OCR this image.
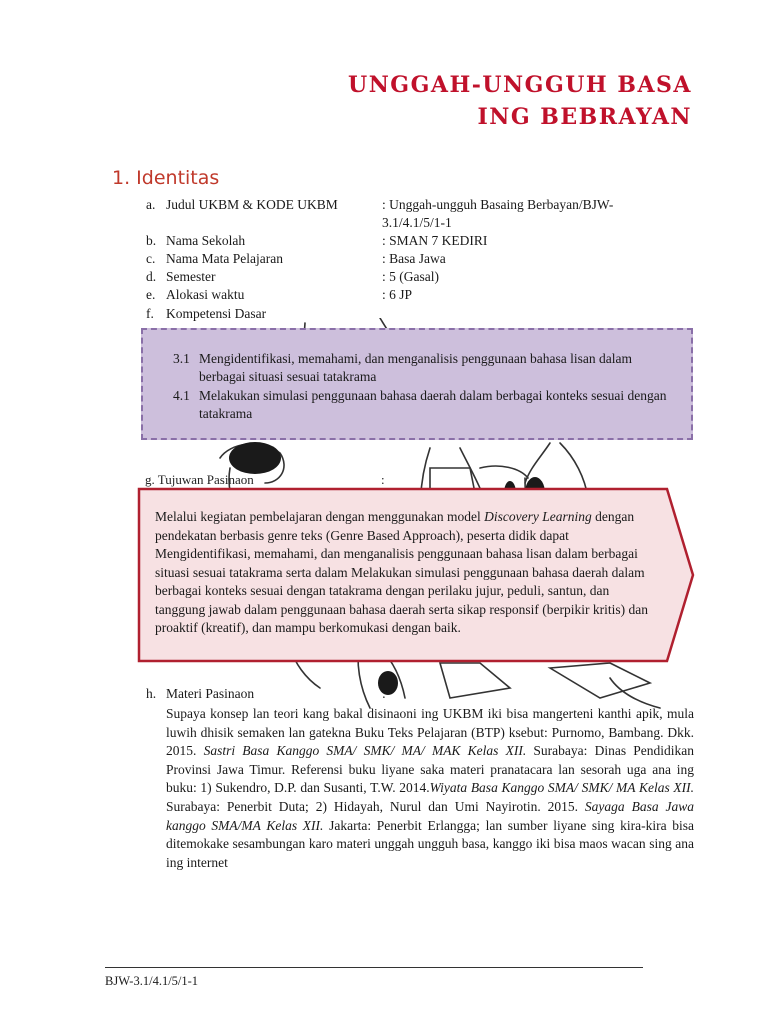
UNGGAH-UNGGUH BASA
ING BEBRAYAN
1. Identitas
a. Judul UKBM & KODE UKBM	: Unggah-ungguh Basaing Berbayan/BJW-3.1/4.1/5/1-1
b. Nama Sekolah	: SMAN 7 KEDIRI
c. Nama Mata Pelajaran	: Basa Jawa
d. Semester	: 5 (Gasal)
e. Alokasi waktu	: 6 JP
f. Kompetensi Dasar
3.1 Mengidentifikasi, memahami, dan menganalisis penggunaan bahasa lisan dalam berbagai situasi sesuai tatakrama
4.1 Melakukan simulasi penggunaan bahasa daerah dalam berbagai konteks sesuai dengan tatakrama
g. Tujuwan Pasinaon	:
Melalui kegiatan pembelajaran dengan menggunakan model Discovery Learning dengan pendekatan berbasis genre teks (Genre Based Approach), peserta didik dapat Mengidentifikasi, memahami, dan menganalisis penggunaan bahasa lisan dalam berbagai situasi sesuai tatakrama serta dalam Melakukan simulasi penggunaan bahasa daerah dalam berbagai konteks sesuai dengan tatakrama dengan perilaku jujur, peduli, santun, dan tanggung jawab dalam penggunaan bahasa daerah serta sikap responsif (berpikir kritis) dan proaktif (kreatif), dan mampu berkomukasi dengan baik.
h. Materi Pasinaon	:
Supaya konsep lan teori kang bakal disinaoni ing UKBM iki bisa mangerteni kanthi apik, mula luwih dhisik semaken lan gatekna Buku Teks Pelajaran (BTP) ksebut: Purnomo, Bambang. Dkk. 2015. Sastri Basa Kanggo SMA/ SMK/ MA/ MAK Kelas XII. Surabaya: Dinas Pendidikan Provinsi Jawa Timur. Referensi buku liyane saka materi pranatacara lan sesorah uga ana ing buku: 1) Sukendro, D.P. dan Susanti, T.W. 2014.Wiyata Basa Kanggo SMA/ SMK/ MA Kelas XII. Surabaya: Penerbit Duta; 2) Hidayah, Nurul dan Umi Nayirotin. 2015. Sayaga Basa Jawa kanggo SMA/MA Kelas XII. Jakarta: Penerbit Erlangga; lan sumber liyane sing kira-kira bisa ditemokake sesambungan karo materi unggah ungguh basa, kanggo iki bisa maos wacan sing ana ing internet
BJW-3.1/4.1/5/1-1
